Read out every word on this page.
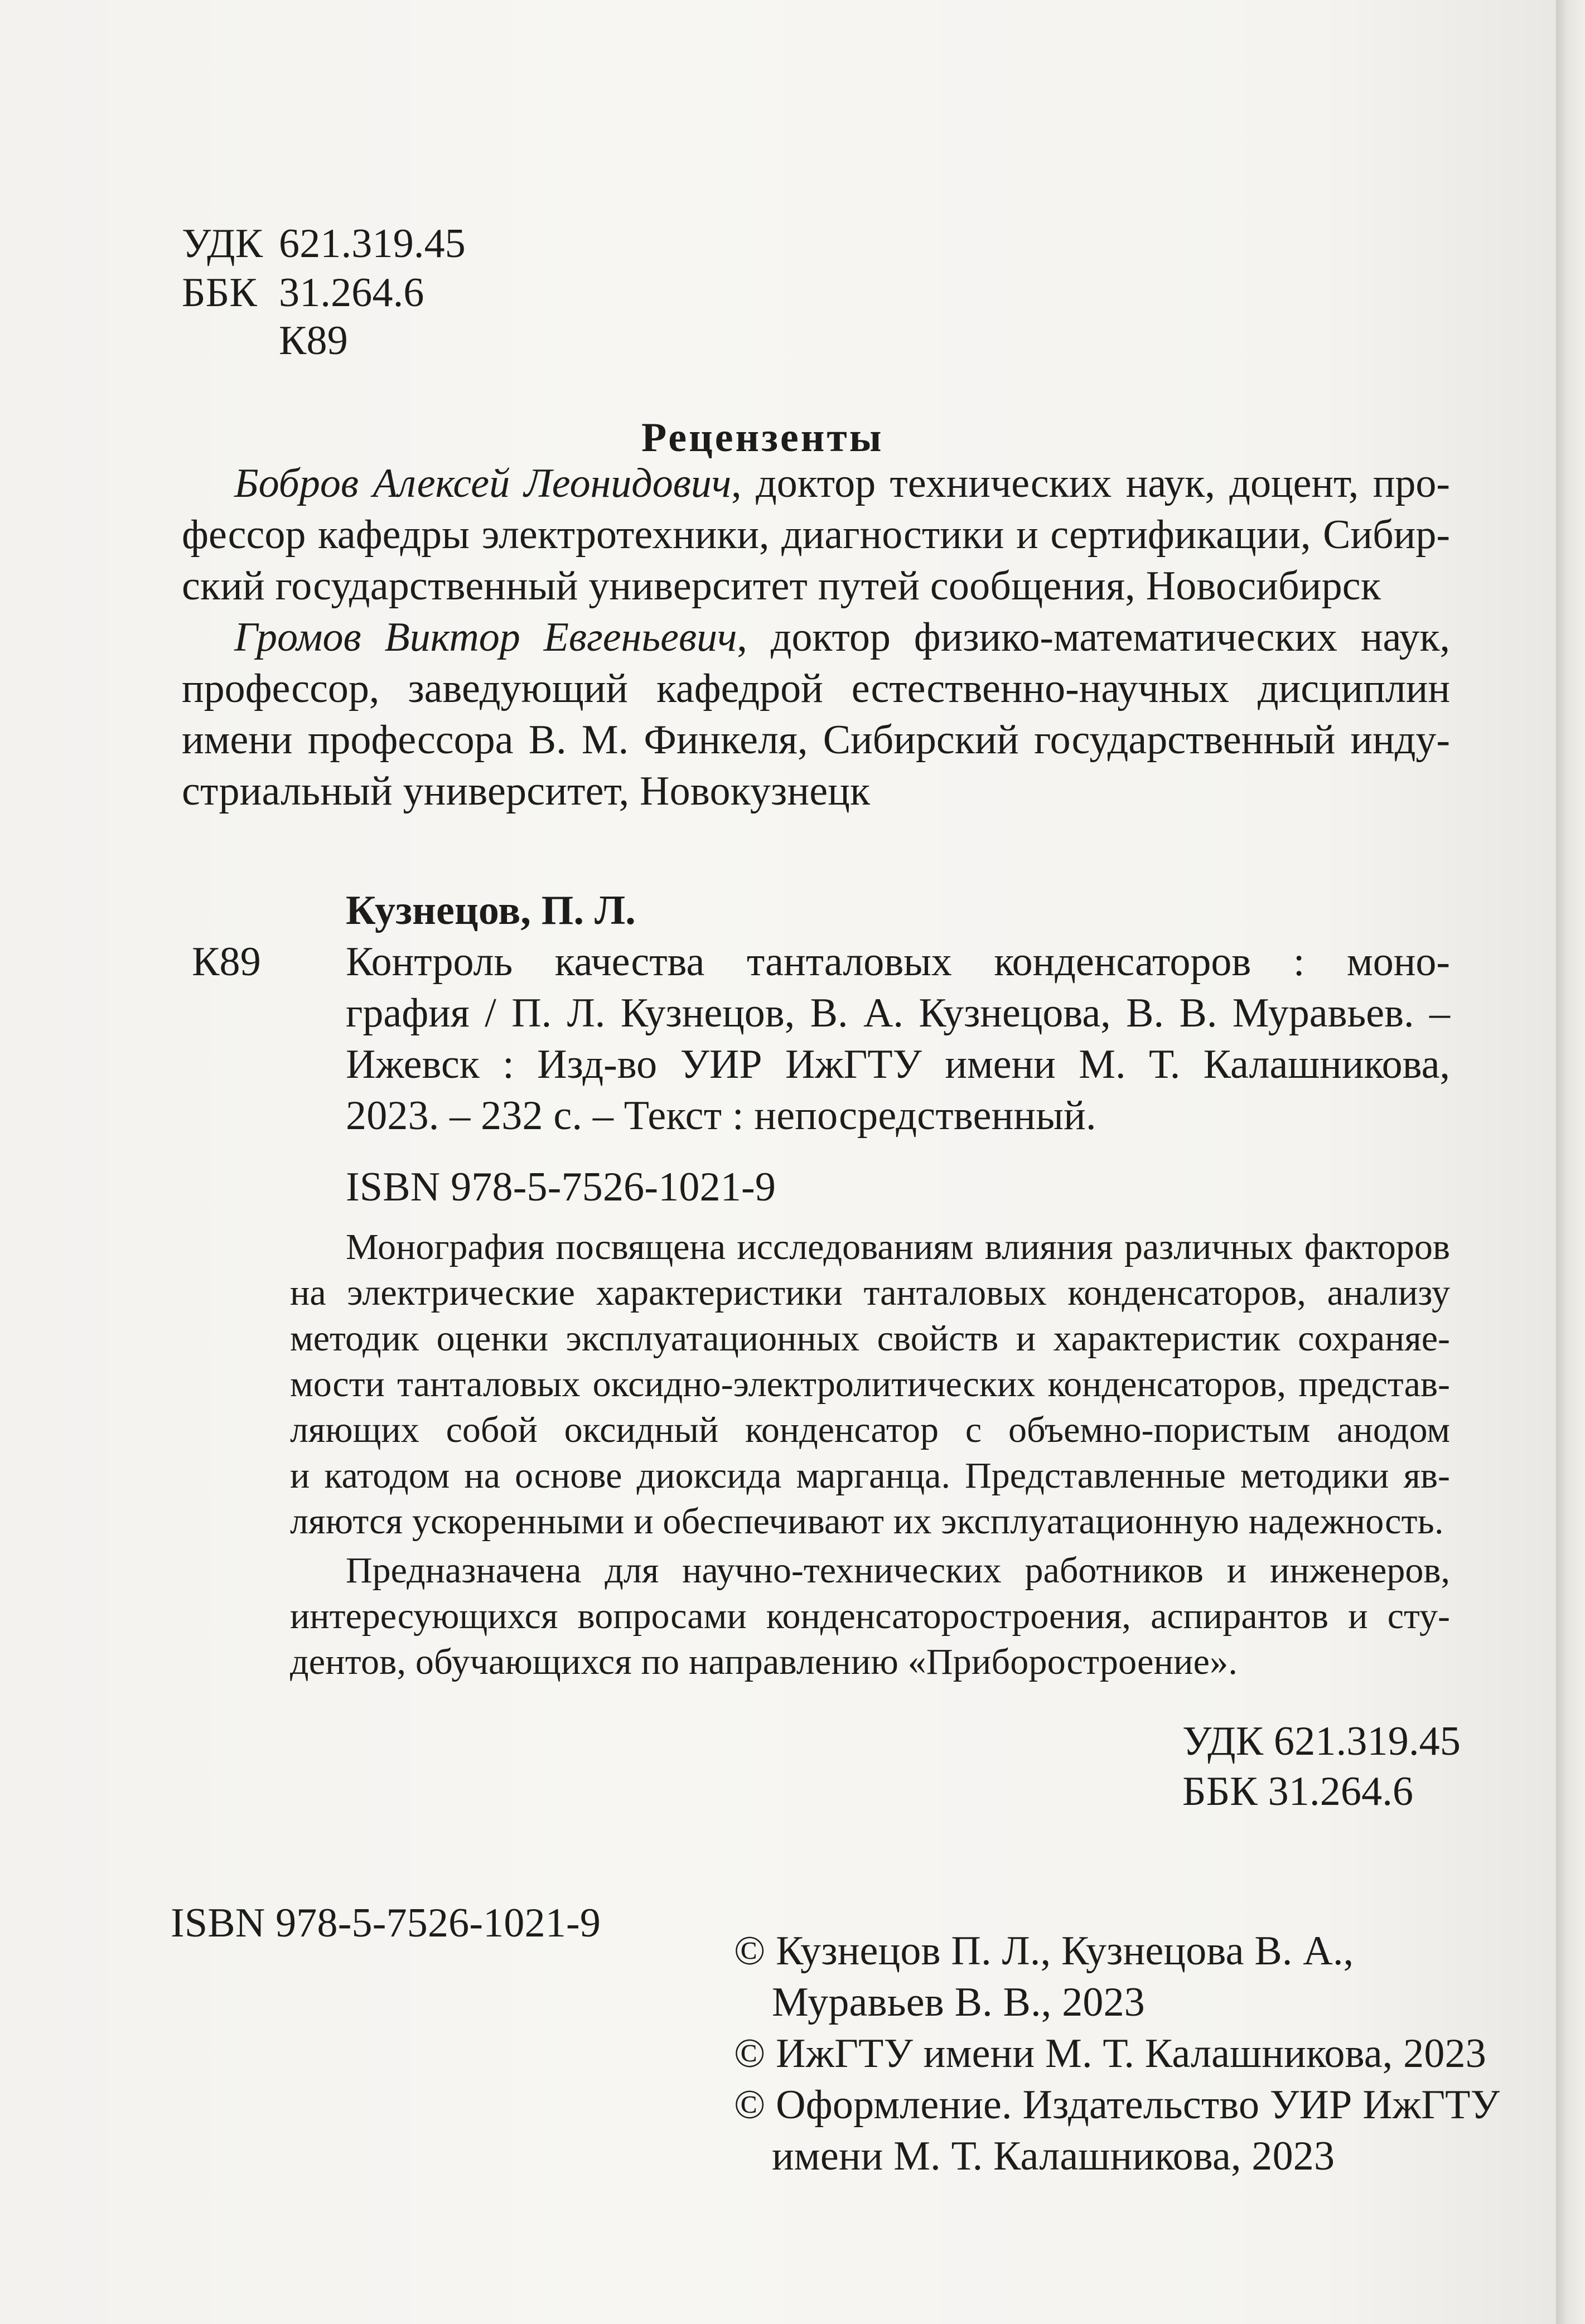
УДК 621.319.45
ББК 31.264.6
К89
Рецензенты
Бобров Алексей Леонидович, доктор технических наук, доцент, про-
фессор кафедры электротехники, диагностики и сертификации, Сибир-
ский государственный университет путей сообщения, Новосибирск
Громов Виктор Евгеньевич, доктор физико-математических наук,
профессор, заведующий кафедрой естественно-научных дисциплин
имени профессора В. М. Финкеля, Сибирский государственный инду-
стриальный университет, Новокузнецк
Кузнецов, П. Л.
К89 Контроль качества танталовых конденсаторов : моно-
графия / П. Л. Кузнецов, В. А. Кузнецова, В. В. Муравьев. –
Ижевск : Изд-во УИР ИжГТУ имени М. Т. Калашникова,
2023. – 232 с. – Текст : непосредственный.
ISBN 978-5-7526-1021-9
Монография посвящена исследованиям влияния различных факторов
на электрические характеристики танталовых конденсаторов, анализу
методик оценки эксплуатационных свойств и характеристик сохраняе-
мости танталовых оксидно-электролитических конденсаторов, представ-
ляющих собой оксидный конденсатор с объемно-пористым анодом
и катодом на основе диоксида марганца. Представленные методики яв-
ляются ускоренными и обеспечивают их эксплуатационную надежность.
Предназначена для научно-технических работников и инженеров,
интересующихся вопросами конденсаторостроения, аспирантов и сту-
дентов, обучающихся по направлению «Приборостроение».
УДК 621.319.45
ББК 31.264.6
ISBN 978-5-7526-1021-9
© Кузнецов П. Л., Кузнецова В. А.,
Муравьев В. В., 2023
© ИжГТУ имени М. Т. Калашникова, 2023
© Оформление. Издательство УИР ИжГТУ
имени М. Т. Калашникова, 2023
